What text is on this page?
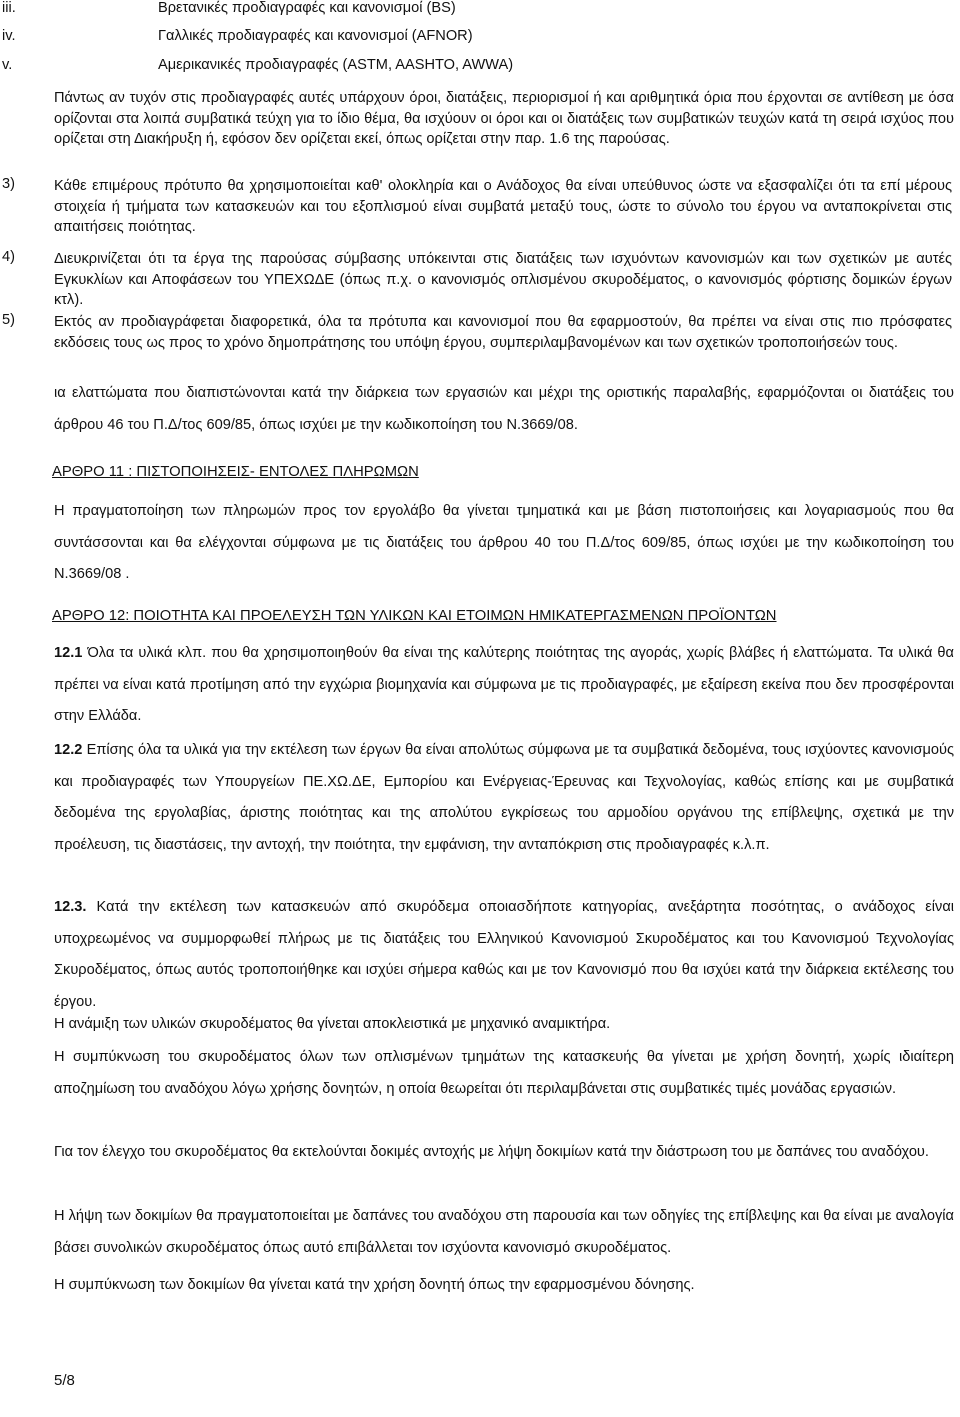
iii.	Βρετανικές προδιαγραφές και κανονισμοί (BS)
iv.	Γαλλικές προδιαγραφές και κανονισμοί (AFNOR)
v.	Αμερικανικές προδιαγραφές (ASTM, AASHTO, AWWA)
Πάντως αν τυχόν στις προδιαγραφές αυτές υπάρχουν όροι, διατάξεις, περιορισμοί ή και αριθμητικά όρια που έρχονται σε αντίθεση με όσα ορίζονται στα λοιπά συμβατικά τεύχη για το ίδιο θέμα, θα ισχύουν οι όροι και οι διατάξεις των συμβατικών τευχών κατά τη σειρά ισχύος που ορίζεται στη Διακήρυξη ή, εφόσον δεν ορίζεται εκεί, όπως ορίζεται στην παρ. 1.6 της παρούσας.
3)	Κάθε επιμέρους πρότυπο θα χρησιμοποιείται καθ' ολοκληρία και ο Ανάδοχος θα είναι υπεύθυνος ώστε να εξασφαλίζει ότι τα επί μέρους στοιχεία ή τμήματα των κατασκευών και του εξοπλισμού είναι συμβατά μεταξύ τους, ώστε το σύνολο του έργου να ανταποκρίνεται στις απαιτήσεις ποιότητας.
4)	Διευκρινίζεται ότι τα έργα της παρούσας σύμβασης υπόκεινται στις διατάξεις των ισχυόντων κανονισμών και των σχετικών με αυτές Εγκυκλίων και Αποφάσεων του ΥΠΕΧΩΔΕ (όπως π.χ. ο κανονισμός οπλισμένου σκυροδέματος, ο κανονισμός φόρτισης δομικών έργων κτλ).
5)	Εκτός αν προδιαγράφεται διαφορετικά, όλα τα πρότυπα και κανονισμοί που θα εφαρμοστούν, θα πρέπει να είναι στις πιο πρόσφατες εκδόσεις τους ως προς το χρόνο δημοπράτησης του υπόψη έργου, συμπεριλαμβανομένων και των σχετικών τροποποιήσεών τους.
ια ελαττώματα που διαπιστώνονται κατά την διάρκεια των εργασιών και μέχρι της οριστικής παραλαβής, εφαρμόζονται οι διατάξεις του άρθρου 46 του Π.Δ/τος 609/85, όπως ισχύει με την κωδικοποίηση του Ν.3669/08.
ΑΡΘΡΟ 11 : ΠΙΣΤΟΠΟΙΗΣΕΙΣ- ΕΝΤΟΛΕΣ ΠΛΗΡΩΜΩΝ
Η πραγματοποίηση των πληρωμών προς τον εργολάβο θα γίνεται τμηματικά και με βάση πιστοποιήσεις και λογαριασμούς που θα συντάσσονται και θα ελέγχονται σύμφωνα με τις διατάξεις του άρθρου 40 του Π.Δ/τος 609/85, όπως ισχύει με την κωδικοποίηση του Ν.3669/08 .
ΑΡΘΡΟ 12: ΠΟΙΟΤΗΤΑ ΚΑΙ ΠΡΟΕΛΕΥΣΗ ΤΩΝ ΥΛΙΚΩΝ ΚΑΙ ΕΤΟΙΜΩΝ ΗΜΙΚΑΤΕΡΓΑΣΜΕΝΩΝ ΠΡΟΪΟΝΤΩΝ
12.1 Όλα τα υλικά κλπ. που θα χρησιμοποιηθούν θα είναι της καλύτερης ποιότητας της αγοράς, χωρίς βλάβες ή ελαττώματα. Τα υλικά θα πρέπει να είναι κατά προτίμηση από την εγχώρια βιομηχανία και σύμφωνα με τις προδιαγραφές, με εξαίρεση εκείνα που δεν προσφέρονται στην Ελλάδα.
12.2 Επίσης όλα τα υλικά για την εκτέλεση των έργων θα είναι απολύτως σύμφωνα με τα συμβατικά δεδομένα, τους ισχύοντες κανονισμούς και προδιαγραφές των Υπουργείων ΠΕ.ΧΩ.ΔΕ, Εμπορίου και Ενέργειας-Έρευνας και Τεχνολογίας, καθώς επίσης και με συμβατικά δεδομένα της εργολαβίας, άριστης ποιότητας και της απολύτου εγκρίσεως του αρμοδίου οργάνου της επίβλεψης, σχετικά με την προέλευση, τις διαστάσεις, την αντοχή, την ποιότητα, την εμφάνιση, την ανταπόκριση στις προδιαγραφές κ.λ.π.
12.3. Κατά την εκτέλεση των κατασκευών από σκυρόδεμα οποιασδήποτε κατηγορίας, ανεξάρτητα ποσότητας, ο ανάδοχος είναι υποχρεωμένος να συμμορφωθεί πλήρως με τις διατάξεις του Ελληνικού Κανονισμού Σκυροδέματος και του Κανονισμού Τεχνολογίας Σκυροδέματος, όπως αυτός τροποποιήθηκε και ισχύει σήμερα καθώς και με τον Κανονισμό που θα ισχύει κατά την διάρκεια εκτέλεσης του έργου.
Η ανάμιξη των υλικών σκυροδέματος θα γίνεται αποκλειστικά με μηχανικό αναμικτήρα.
Η συμπύκνωση του σκυροδέματος όλων των οπλισμένων τμημάτων της κατασκευής θα γίνεται με χρήση δονητή, χωρίς ιδιαίτερη αποζημίωση του αναδόχου λόγω χρήσης δονητών, η οποία θεωρείται ότι περιλαμβάνεται στις συμβατικές τιμές μονάδας εργασιών.
Για τον έλεγχο του σκυροδέματος θα εκτελούνται δοκιμές αντοχής με λήψη δοκιμίων κατά την διάστρωση του με δαπάνες του αναδόχου.
Η λήψη των δοκιμίων θα πραγματοποιείται με δαπάνες του αναδόχου στη παρουσία και των οδηγίες της επίβλεψης και θα είναι με αναλογία βάσει συνολικών σκυροδέματος όπως αυτό επιβάλλεται τον ισχύοντα κανονισμό σκυροδέματος.
Η συμπύκνωση των δοκιμίων θα γίνεται κατά την χρήση δονητή όπως την εφαρμοσμένου δόνησης.
5/8
